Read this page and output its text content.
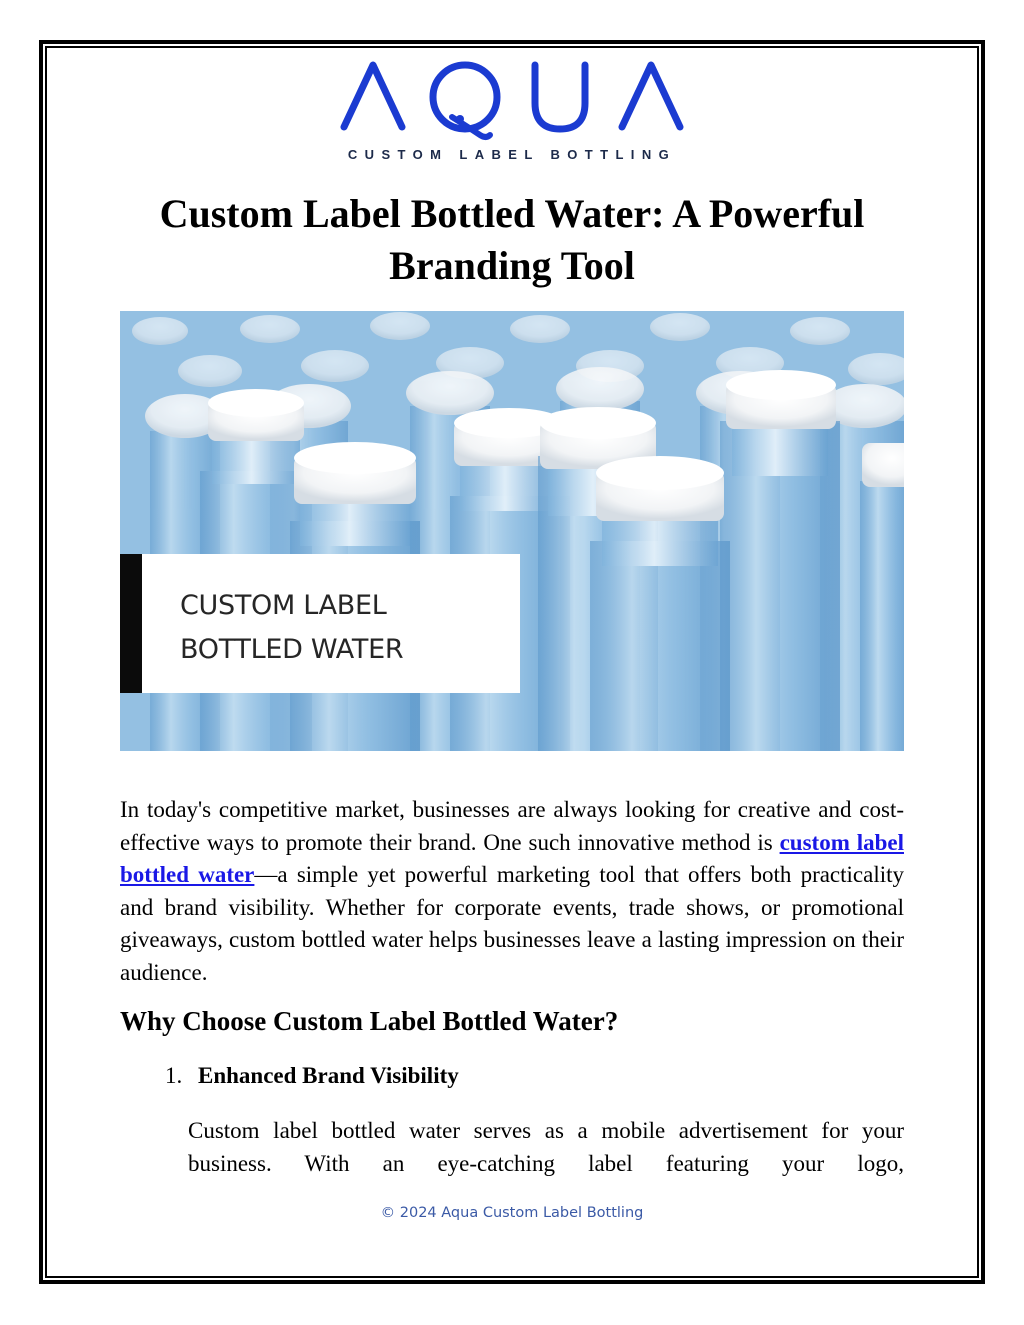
CUSTOM LABEL BOTTLING
Custom Label Bottled Water: A Powerful Branding Tool
CUSTOM LABEL
BOTTLED WATER

In today's competitive market, businesses are always looking for creative and cost-effective ways to promote their brand. One such innovative method is custom label bottled water—a simple yet powerful marketing tool that offers both practicality and brand visibility. Whether for corporate events, trade shows, or promotional giveaways, custom bottled water helps businesses leave a lasting impression on their audience.

Why Choose Custom Label Bottled Water?
1. Enhanced Brand Visibility

Custom label bottled water serves as a mobile advertisement for your business. With an eye-catching label featuring your logo,

© 2024 Aqua Custom Label Bottling
